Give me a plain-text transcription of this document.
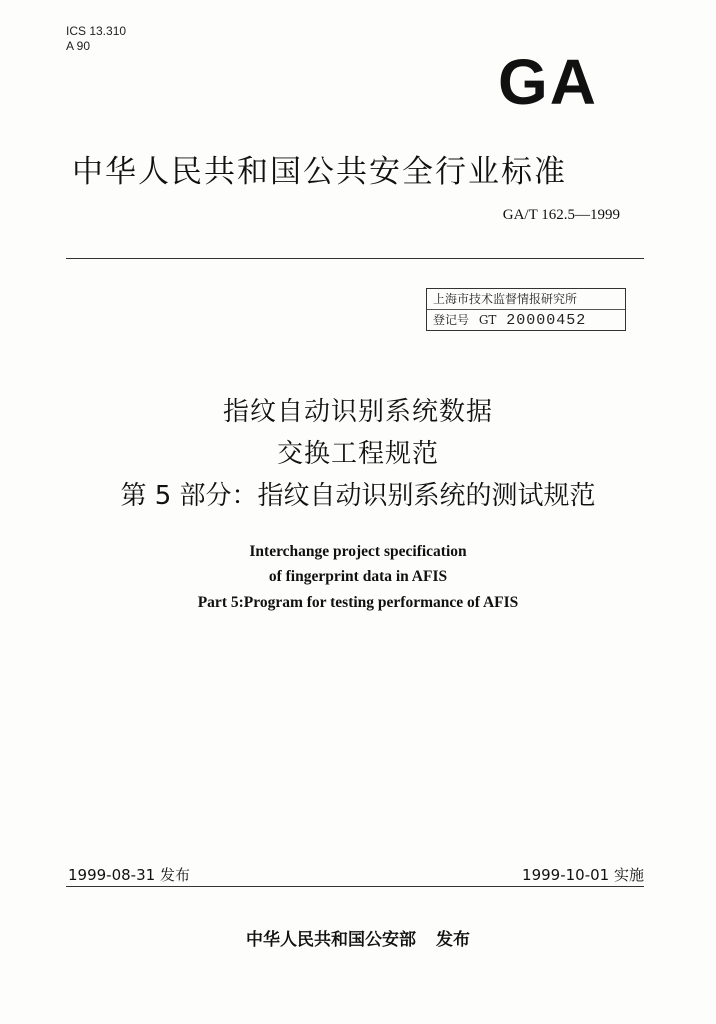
ICS 13.310
A 90	GA
中华人民共和国公共安全行业标准
GA/T 162.5—1999
上海市技术监督情报研究所
登记号 GT 20000452
指纹自动识别系统数据
交换工程规范
第 5 部分：指纹自动识别系统的测试规范
Interchange project specification
of fingerprint data in AFIS
Part 5:Program for testing performance of AFIS
1999-08-31 发布	1999-10-01 实施
中华人民共和国公安部 发布
